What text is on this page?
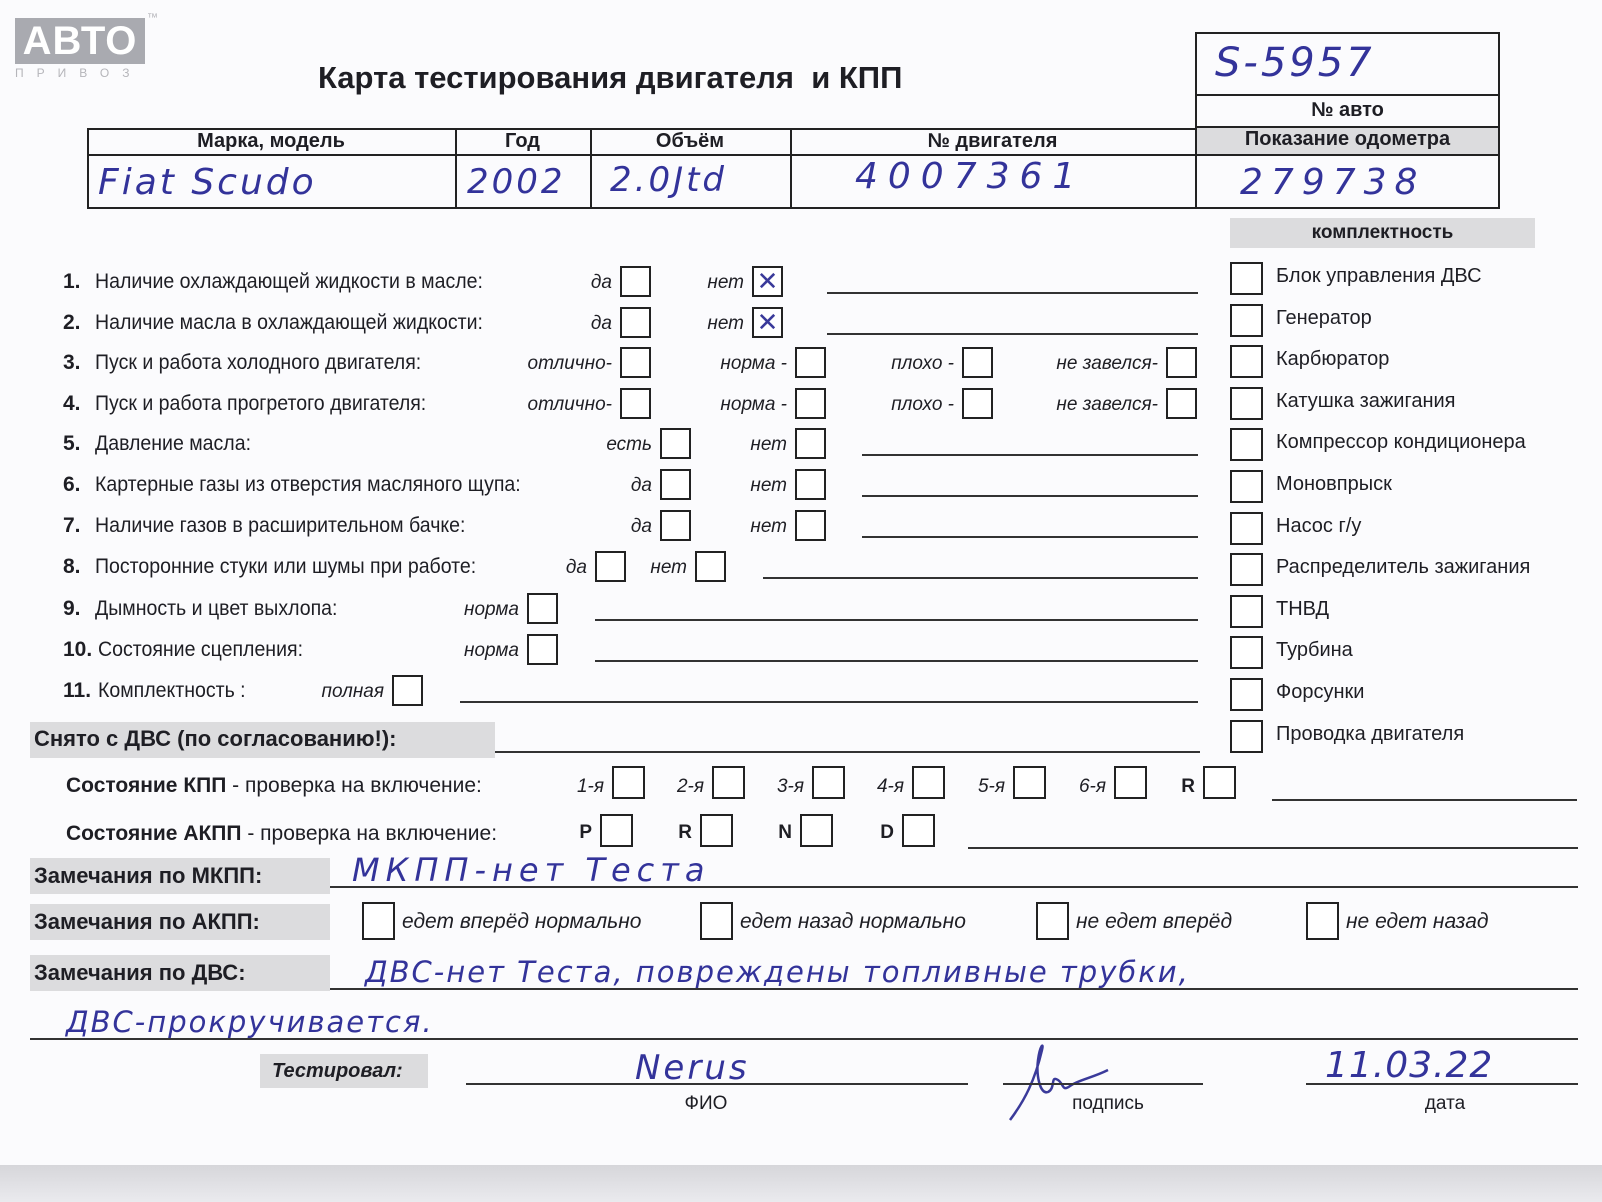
АВТО
ПРИВОЗ
™
Карта тестирования двигателя  и КПП	S-5957
№ авто
Марка, модель	Год	Объём	№ двигателя	Показание одометра
Fiat Scudo	2002 2.0Jtd	4007361	279738
комплектность
Блок управления ДВС
Генератор
Карбюратор
Катушка зажигания
Компрессор кондиционера
Моновпрыск
Насос г/у
Распределитель зажигания
ТНВД
Турбина
Форсунки
Проводка двигателя
1. Наличие охлаждающей жидкости в масле:	да	нет ✕
2. Наличие масла в охлаждающей жидкости:	да	нет ✕
3. Пуск и работа холодного двигателя:	отлично-	норма -	плохо -	не завелся-
4. Пуск и работа прогретого двигателя:	отлично-	норма -	плохо -	не завелся-
5. Давление масла:	есть	нет
6. Картерные газы из отверстия масляного щупа:	да	нет
7. Наличие газов в расширительном бачке:	да	нет
8. Посторонние стуки или шумы при работе:	да	нет
9. Дымность и цвет выхлопа:	норма
10. Состояние сцепления:	норма
11. Комплектность :	полная
Снято с ДВС (по согласованию!):
Состояние КПП - проверка на включение:	1-я	2-я	3-я	4-я	5-я	6-я	R
Состояние АКПП - проверка на включение:	P	R	N	D
Замечания по МКПП:	МКПП-нет Теста
Замечания по АКПП:	едет вперёд нормально	едет назад нормально	не едет вперёд	не едет назад
Замечания по ДВС:	ДВС-нет Теста, повреждены топливные трубки,
ДВС-прокручивается.
Тестировал:	Nerus
ФИО	подпись
11.03.22
дата
